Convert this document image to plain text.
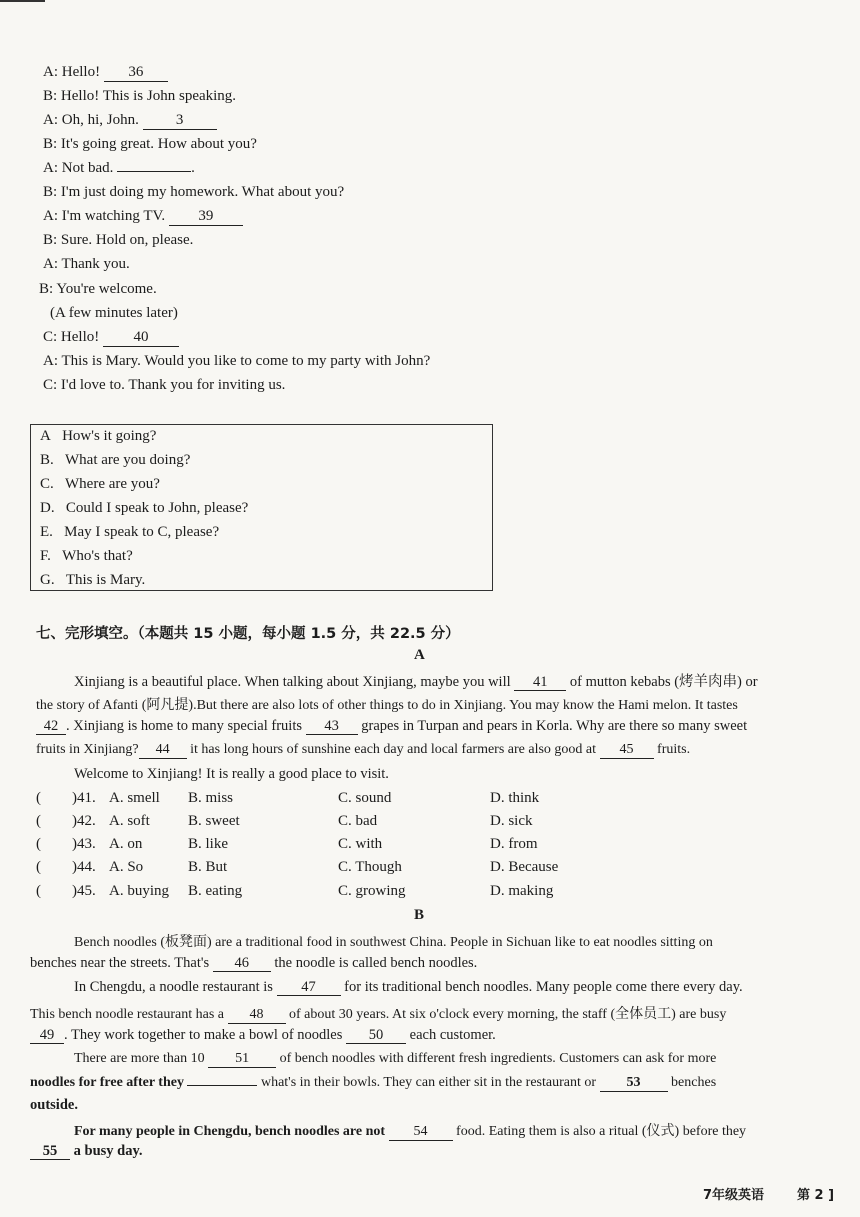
A: Hello! 36
B: Hello! This is John speaking.
A: Oh, hi, John. 3
B: It's going great. How about you?
A: Not bad.	.
B: I'm just doing my homework. What about you?
A: I'm watching TV. 39
B: Sure. Hold on, please.
A: Thank you.
B: You're welcome.
(A few minutes later)
C: Hello! 40
A: This is Mary. Would you like to come to my party with John?
C: I'd love to. Thank you for inviting us.
A How's it going?
B. What are you doing?
C. Where are you?
D. Could I speak to John, please?
E. May I speak to C, please?
F. Who's that?
G. This is Mary.
七、完形填空。（本题共 15 小题，每小题 1.5 分，共 22.5 分）
A
Xinjiang is a beautiful place. When talking about Xinjiang, maybe you will 41 of mutton kebabs (烤羊肉串) or
the story of Afanti (阿凡提).But there are also lots of other things to do in Xinjiang. You may know the Hami melon. It tastes
42 . Xinjiang is home to many special fruits 43 grapes in Turpan and pears in Korla. Why are there so many sweet
fruits in Xinjiang? 44 it has long hours of sunshine each day and local farmers are also good at 45 fruits.
Welcome to Xinjiang! It is really a good place to visit.
( )41. A. smell B. miss	C. sound	D. think
( )42. A. soft	B. sweet	C. bad	D. sick
( )43. A. on	B. like	C. with	D. from
( )44. A. So	B. But	C. Though	D. Because
( )45. A. buying B. eating	C. growing	D. making
B
Bench noodles (板凳面) are a traditional food in southwest China. People in Sichuan like to eat noodles sitting on
benches near the streets. That's 46 the noodle is called bench noodles.
In Chengdu, a noodle restaurant is 47 for its traditional bench noodles. Many people come there every day.
This bench noodle restaurant has a 48 of about 30 years. At six o'clock every morning, the staff (全体员工) are busy
49 . They work together to make a bowl of noodles 50 each customer.
There are more than 10 51 of bench noodles with different fresh ingredients. Customers can ask for more
noodles for free after they	what's in their bowls. They can either sit in the restaurant or 53 benches
outside.
For many people in Chengdu, bench noodles are not 54 food. Eating them is also a ritual (仪式) before they
55 a busy day.
7年级英语	第 2 ]
